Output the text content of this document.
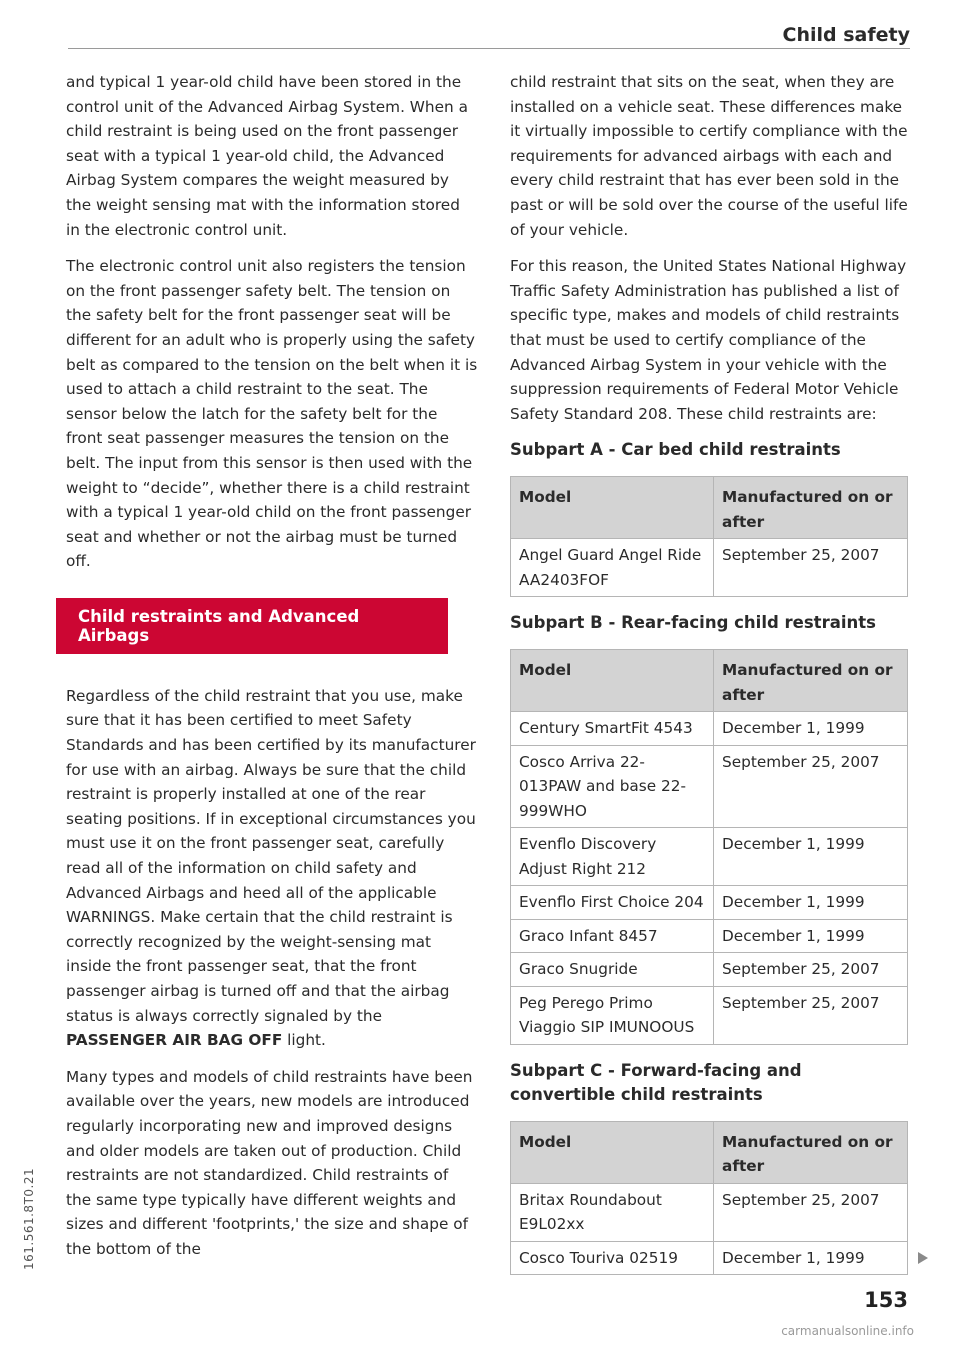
Child safety

and typical 1 year-old child have been stored in the control unit of the Advanced Airbag System. When a child restraint is being used on the front passenger seat with a typical 1 year-old child, the Advanced Airbag System compares the weight measured by the weight sensing mat with the information stored in the electronic control unit.

The electronic control unit also registers the tension on the front passenger safety belt. The tension on the safety belt for the front passenger seat will be different for an adult who is properly using the safety belt as compared to the tension on the belt when it is used to attach a child restraint to the seat. The sensor below the latch for the safety belt for the front seat passenger measures the tension on the belt. The input from this sensor is then used with the weight to “decide”, whether there is a child restraint with a typical 1 year-old child on the front passenger seat and whether or not the airbag must be turned off.

Child restraints and Advanced Airbags

Regardless of the child restraint that you use, make sure that it has been certified to meet Safety Standards and has been certified by its manufacturer for use with an airbag. Always be sure that the child restraint is properly installed at one of the rear seating positions. If in exceptional circumstances you must use it on the front passenger seat, carefully read all of the information on child safety and Advanced Airbags and heed all of the applicable WARNINGS. Make certain that the child restraint is correctly recognized by the weight-sensing mat inside the front passenger seat, that the front passenger airbag is turned off and that the airbag status is always correctly signaled by the PASSENGER AIR BAG OFF light.

Many types and models of child restraints have been available over the years, new models are introduced regularly incorporating new and improved designs and older models are taken out of production. Child restraints are not standardized. Child restraints of the same type typically have different weights and sizes and different 'footprints,' the size and shape of the bottom of the

child restraint that sits on the seat, when they are installed on a vehicle seat. These differences make it virtually impossible to certify compliance with the requirements for advanced airbags with each and every child restraint that has ever been sold in the past or will be sold over the course of the useful life of your vehicle.

For this reason, the United States National Highway Traffic Safety Administration has published a list of specific type, makes and models of child restraints that must be used to certify compliance of the Advanced Airbag System in your vehicle with the suppression requirements of Federal Motor Vehicle Safety Standard 208. These child restraints are:

Subpart A - Car bed child restraints
Model	Manufactured on or after
Angel Guard Angel Ride AA2403FOF	September 25, 2007
Subpart B - Rear-facing child restraints
Model	Manufactured on or after
Century SmartFit 4543	December 1, 1999
Cosco Arriva 22-013PAW and base 22-999WHO	September 25, 2007
Evenflo Discovery Adjust Right 212	December 1, 1999
Evenflo First Choice 204	December 1, 1999
Graco Infant 8457	December 1, 1999
Graco Snugride	September 25, 2007
Peg Perego Primo Viaggio SIP IMUNOOUS	September 25, 2007
Subpart C - Forward-facing and convertible child restraints
Model	Manufactured on or after
Britax Roundabout E9L02xx	September 25, 2007
Cosco Touriva 02519	December 1, 1999
161.561.8T0.21
153
carmanualsonline.info
